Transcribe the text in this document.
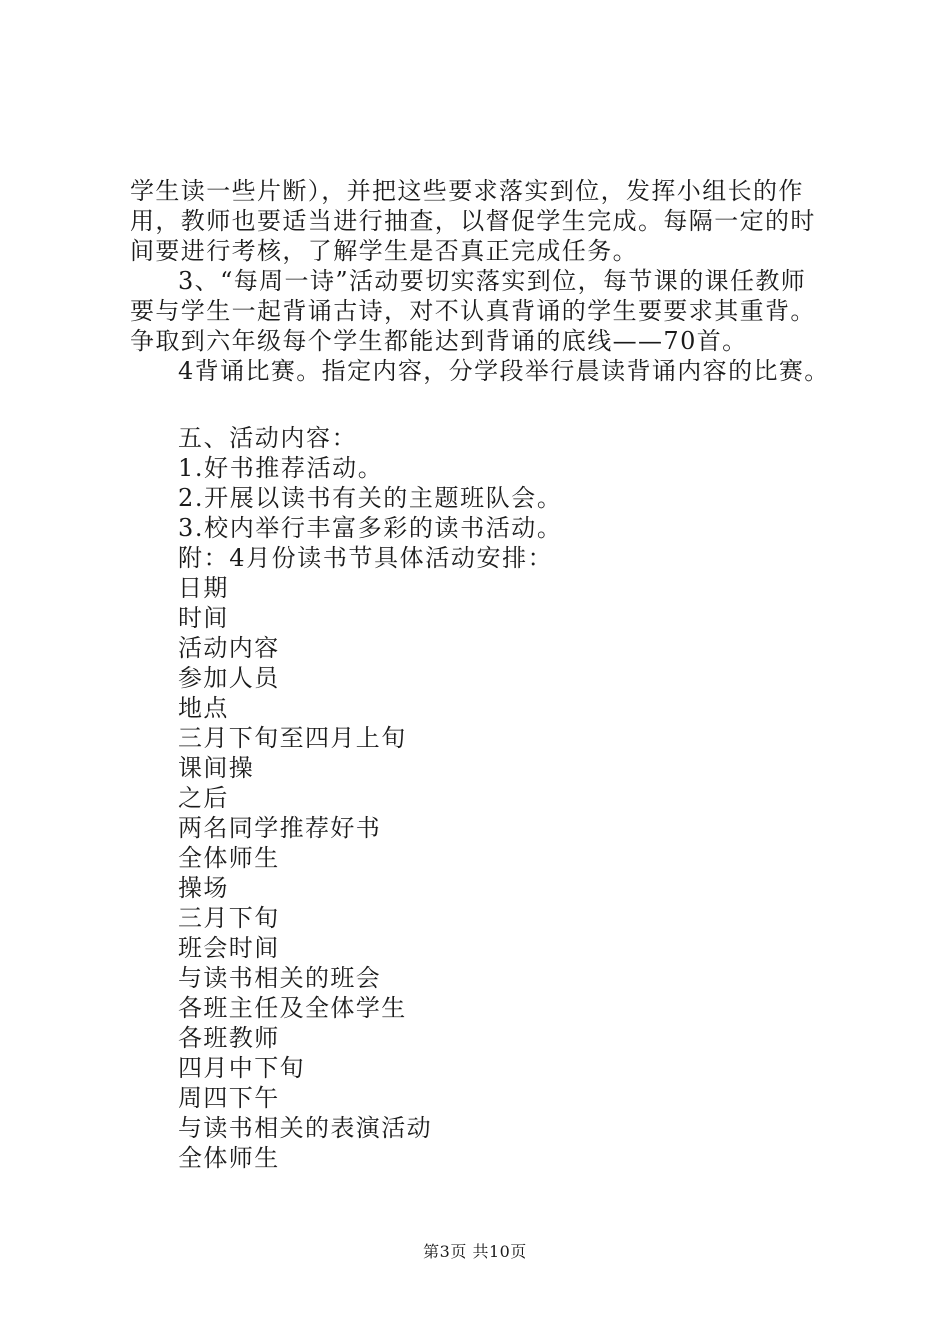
学生读一些片断），并把这些要求落实到位，发挥小组长的作
用，教师也要适当进行抽查，以督促学生完成。每隔一定的时
间要进行考核，了解学生是否真正完成任务。
3、“每周一诗”活动要切实落实到位，每节课的课任教师
要与学生一起背诵古诗，对不认真背诵的学生要要求其重背。
争取到六年级每个学生都能达到背诵的底线——70首。
4背诵比赛。指定内容，分学段举行晨读背诵内容的比赛。
五、活动内容：
1.好书推荐活动。
2.开展以读书有关的主题班队会。
3.校内举行丰富多彩的读书活动。
附：4月份读书节具体活动安排：
日期
时间
活动内容
参加人员
地点
三月下旬至四月上旬
课间操
之后
两名同学推荐好书
全体师生
操场
三月下旬
班会时间
与读书相关的班会
各班主任及全体学生
各班教师
四月中下旬
周四下午
与读书相关的表演活动
全体师生
第3页 共10页
